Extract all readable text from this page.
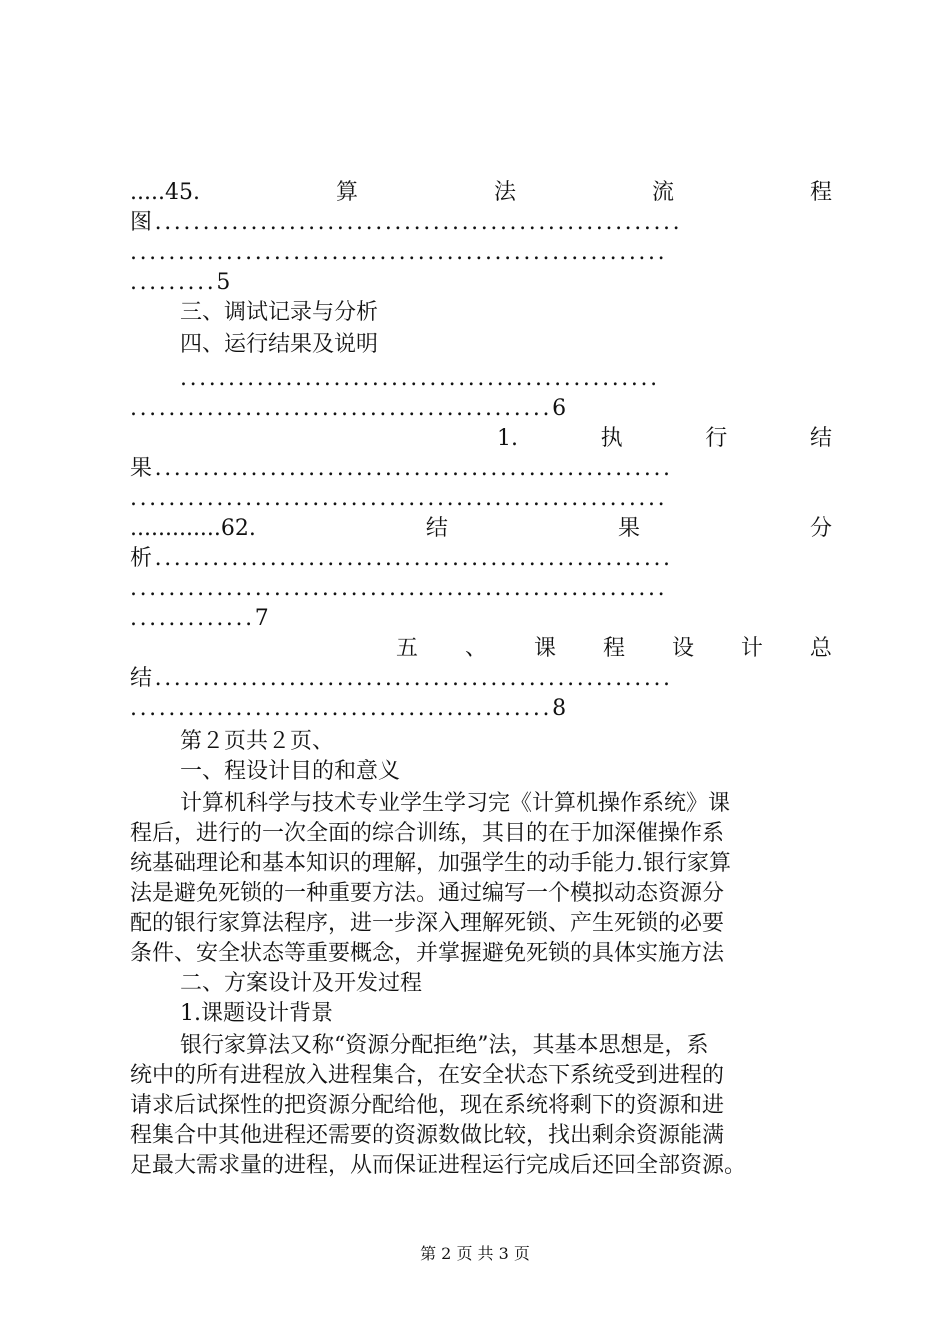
.....45.	算	法	流	程
图.......................................................
........................................................
.........5
三、调试记录与分析
四、运行结果及说明
..................................................
............................................6
1.	执	行	结
果......................................................
........................................................
.............62.	结	果	分
析......................................................
........................................................
.............7
五 、 课 程 设 计 总
结......................................................
............................................8
第２页共２页、
一、程设计目的和意义
计算机科学与技术专业学生学习完《计算机操作系统》课
程后，进行的一次全面的综合训练，其目的在于加深催操作系
统基础理论和基本知识的理解，加强学生的动手能力.银行家算
法是避免死锁的一种重要方法。通过编写一个模拟动态资源分
配的银行家算法程序，进一步深入理解死锁、产生死锁的必要
条件、安全状态等重要概念，并掌握避免死锁的具体实施方法
二、方案设计及开发过程
1.课题设计背景
银行家算法又称“资源分配拒绝”法，其基本思想是，系
统中的所有进程放入进程集合，在安全状态下系统受到进程的
请求后试探性的把资源分配给他，现在系统将剩下的资源和进
程集合中其他进程还需要的资源数做比较，找出剩余资源能满
足最大需求量的进程，从而保证进程运行完成后还回全部资源。
第 2 页 共 3 页
